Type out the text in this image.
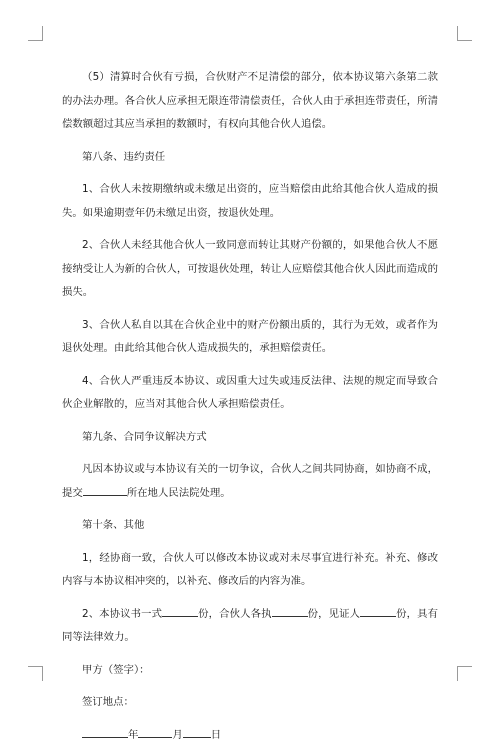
（5）清算时合伙有亏损，合伙财产不足清偿的部分，依本协议第六条第二款的办法办理。各合伙人应承担无限连带清偿责任，合伙人由于承担连带责任，所清偿数额超过其应当承担的数额时，有权向其他合伙人追偿。

第八条、违约责任

1、合伙人未按期缴纳或未缴足出资的，应当赔偿由此给其他合伙人造成的损失。如果逾期壹年仍未缴足出资，按退伙处理。

2、合伙人未经其他合伙人一致同意而转让其财产份额的，如果他合伙人不愿接纳受让人为新的合伙人，可按退伙处理，转让人应赔偿其他合伙人因此而造成的损失。

3、合伙人私自以其在合伙企业中的财产份额出质的，其行为无效，或者作为退伙处理。由此给其他合伙人造成损失的，承担赔偿责任。

4、合伙人严重违反本协议、或因重大过失或违反法律、法规的规定而导致合伙企业解散的，应当对其他合伙人承担赔偿责任。

第九条、合同争议解决方式

凡因本协议或与本协议有关的一切争议，合伙人之间共同协商，如协商不成，提交	所在地人民法院处理。

第十条、其他

1，经协商一致，合伙人可以修改本协议或对未尽事宜进行补充。补充、修改内容与本协议相冲突的，以补充、修改后的内容为准。

2、本协议书一式	份，合伙人各执	份，见证人	份，具有同等法律效力。

甲方（签字）：

签订地点：

年	月	日
